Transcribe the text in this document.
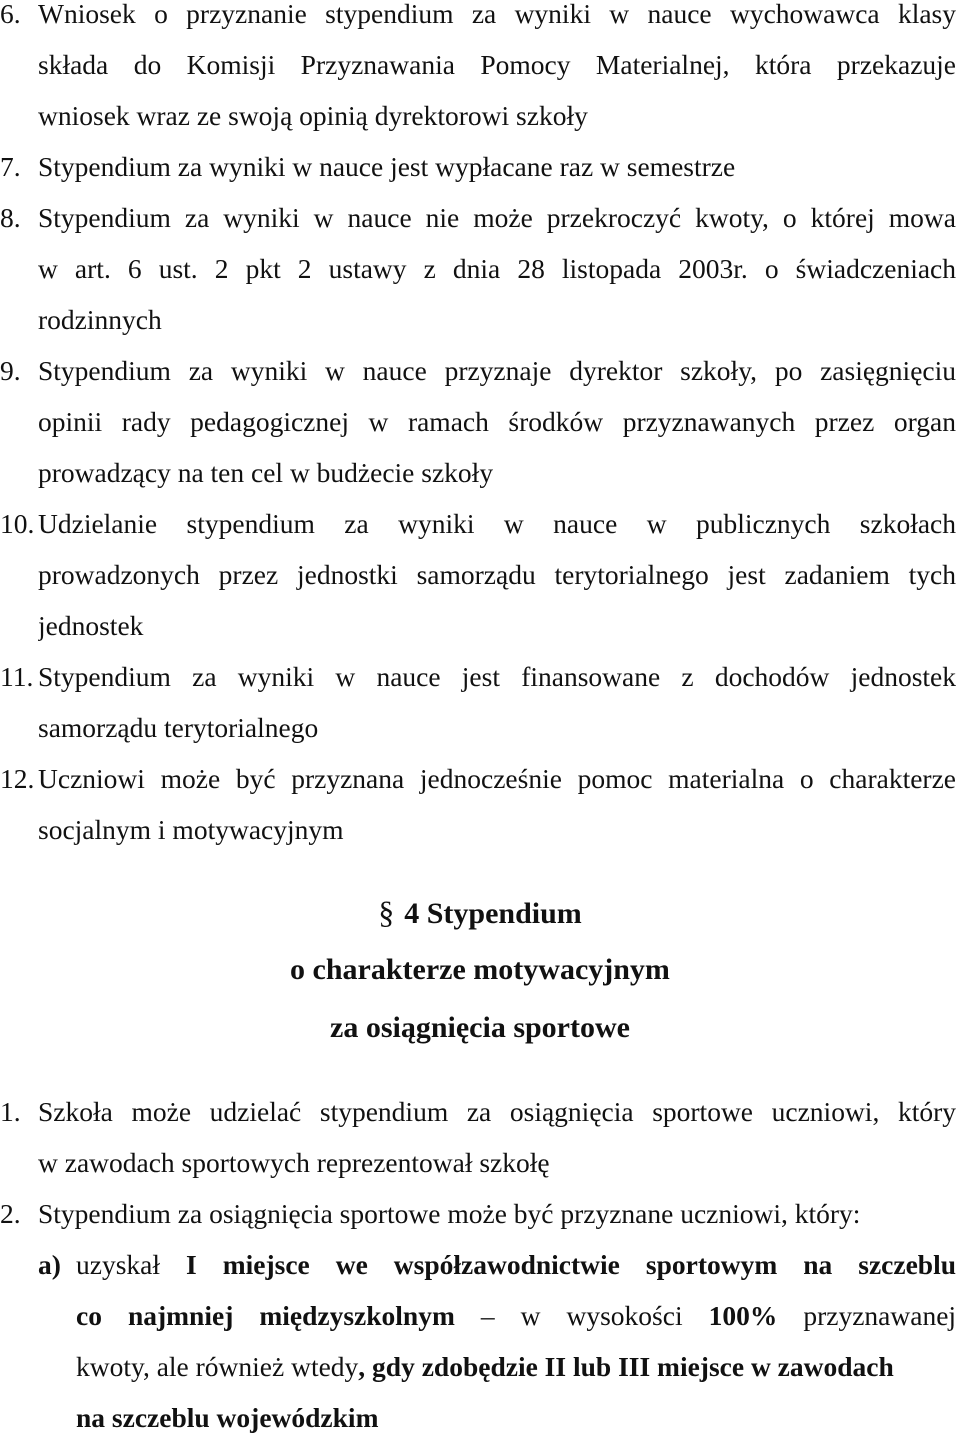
6. Wniosek o przyznanie stypendium za wyniki w nauce wychowawca klasy
składa do Komisji Przyznawania Pomocy Materialnej, która przekazuje
wniosek wraz ze swoją opinią dyrektorowi szkoły
7. Stypendium za wyniki w nauce jest wypłacane raz w semestrze
8. Stypendium za wyniki w nauce nie może przekroczyć kwoty, o której mowa
w art. 6 ust. 2 pkt 2 ustawy z dnia 28 listopada 2003r. o świadczeniach
rodzinnych
9. Stypendium za wyniki w nauce przyznaje dyrektor szkoły, po zasięgnięciu
opinii rady pedagogicznej w ramach środków przyznawanych przez organ
prowadzący na ten cel w budżecie szkoły
10. Udzielanie stypendium za wyniki w nauce w publicznych szkołach
prowadzonych przez jednostki samorządu terytorialnego jest zadaniem tych
jednostek
11. Stypendium za wyniki w nauce jest finansowane z dochodów jednostek
samorządu terytorialnego
12. Uczniowi może być przyznana jednocześnie pomoc materialna o charakterze
socjalnym i motywacyjnym
§ 4 Stypendium
o charakterze motywacyjnym
za osiągnięcia sportowe
1. Szkoła może udzielać stypendium za osiągnięcia sportowe uczniowi, który
w zawodach sportowych reprezentował szkołę
2. Stypendium za osiągnięcia sportowe może być przyznane uczniowi, który:
a) uzyskał I miejsce we współzawodnictwie sportowym na szczeblu
co najmniej międzyszkolnym – w wysokości 100% przyznawanej
kwoty, ale również wtedy, gdy zdobędzie II lub III miejsce w zawodach
na szczeblu wojewódzkim
